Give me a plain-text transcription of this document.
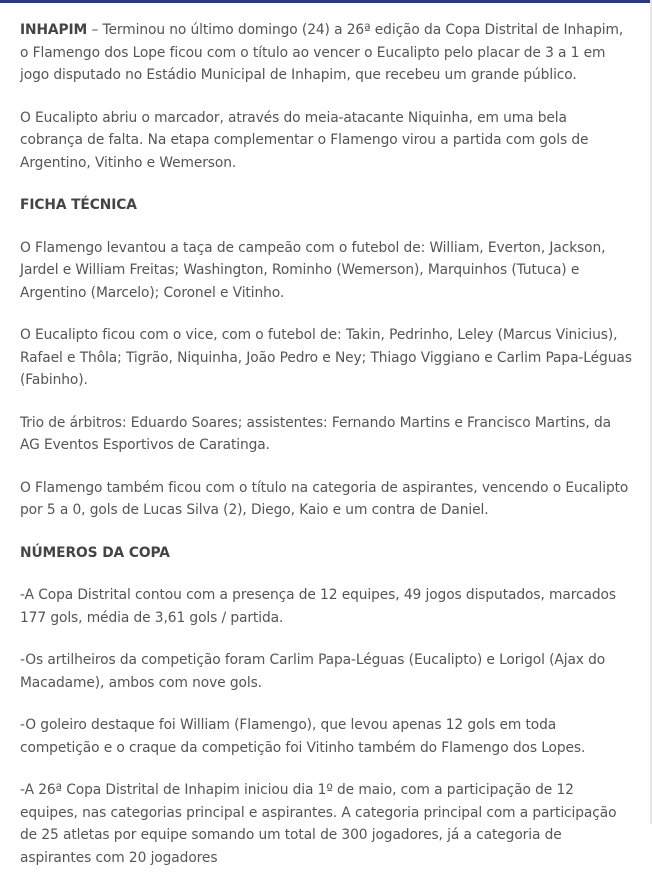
INHAPIM – Terminou no último domingo (24) a 26ª edição da Copa Distrital de Inhapim, o Flamengo dos Lope ficou com o título ao vencer o Eucalipto pelo placar de 3 a 1 em jogo disputado no Estádio Municipal de Inhapim, que recebeu um grande público.

O Eucalipto abriu o marcador, através do meia-atacante Niquinha, em uma bela cobrança de falta. Na etapa complementar o Flamengo virou a partida com gols de Argentino, Vitinho e Wemerson.

FICHA TÉCNICA

O Flamengo levantou a taça de campeão com o futebol de: William, Everton, Jackson, Jardel e William Freitas; Washington, Rominho (Wemerson), Marquinhos (Tutuca) e Argentino (Marcelo); Coronel e Vitinho.

O Eucalipto ficou com o vice, com o futebol de: Takin, Pedrinho, Leley (Marcus Vinicius), Rafael e Thôla; Tigrão, Niquinha, João Pedro e Ney; Thiago Viggiano e Carlim Papa-Léguas (Fabinho).

Trio de árbitros: Eduardo Soares; assistentes: Fernando Martins e Francisco Martins, da AG Eventos Esportivos de Caratinga.

O Flamengo também ficou com o título na categoria de aspirantes, vencendo o Eucalipto por 5 a 0, gols de Lucas Silva (2), Diego, Kaio e um contra de Daniel.

NÚMEROS DA COPA

-A Copa Distrital contou com a presença de 12 equipes, 49 jogos disputados, marcados 177 gols, média de 3,61 gols / partida.

-Os artilheiros da competição foram Carlim Papa-Léguas (Eucalipto) e Lorigol (Ajax do Macadame), ambos com nove gols.

-O goleiro destaque foi William (Flamengo), que levou apenas 12 gols em toda competição e o craque da competição foi Vitinho também do Flamengo dos Lopes.

-A 26ª Copa Distrital de Inhapim iniciou dia 1º de maio, com a participação de 12 equipes, nas categorias principal e aspirantes. A categoria principal com a participação de 25 atletas por equipe somando um total de 300 jogadores, já a categoria de aspirantes com 20 jogadores
